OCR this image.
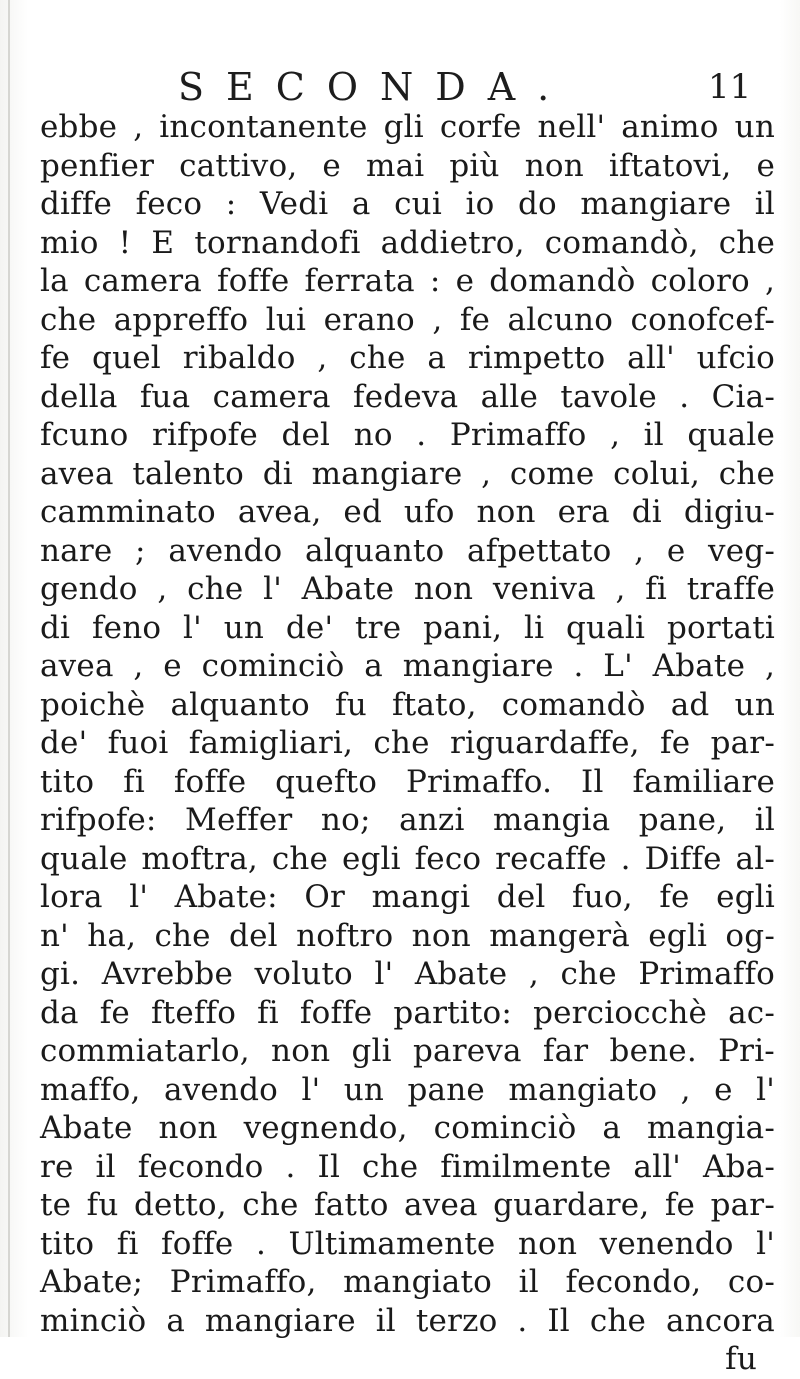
SECONDA.	11
ebbe , incontanente gli corfe nell' animo un
penfier cattivo, e mai più non iftatovi, e
diffe feco : Vedi a cui io do mangiare il
mio ! E tornandofi addietro, comandò, che
la camera foffe ferrata : e domandò coloro ,
che appreffo lui erano , fe alcuno conofcef-
fe quel ribaldo , che a rimpetto all' ufcio
della fua camera fedeva alle tavole . Cia-
fcuno rifpofe del no . Primaffo , il quale
avea talento di mangiare , come colui, che
camminato avea, ed ufo non era di digiu-
nare ; avendo alquanto afpettato , e veg-
gendo , che l' Abate non veniva , fi traffe
di feno l' un de' tre pani, li quali portati
avea , e cominciò a mangiare . L' Abate ,
poichè alquanto fu ftato, comandò ad un
de' fuoi famigliari, che riguardaffe, fe par-
tito fi foffe quefto Primaffo. Il familiare
rifpofe: Meffer no; anzi mangia pane, il
quale moftra, che egli feco recaffe . Diffe al-
lora l' Abate: Or mangi del fuo, fe egli
n' ha, che del noftro non mangerà egli og-
gi. Avrebbe voluto l' Abate , che Primaffo
da fe fteffo fi foffe partito: perciocchè ac-
commiatarlo, non gli pareva far bene. Pri-
maffo, avendo l' un pane mangiato , e l'
Abate non vegnendo, cominciò a mangia-
re il fecondo . Il che fimilmente all' Aba-
te fu detto, che fatto avea guardare, fe par-
tito fi foffe . Ultimamente non venendo l'
Abate; Primaffo, mangiato il fecondo, co-
minciò a mangiare il terzo . Il che ancora
fu
